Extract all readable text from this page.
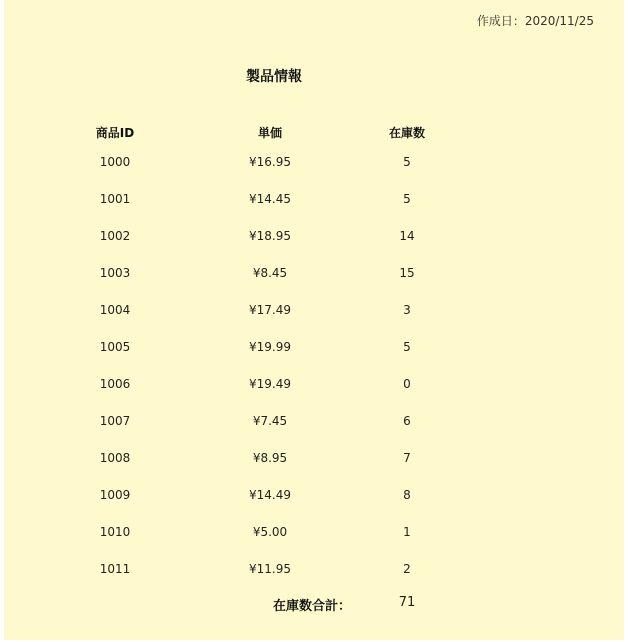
作成日：2020/11/25
製品情報
商品ID	単価	在庫数
1000	¥16.95	5
1001	¥14.45	5
1002	¥18.95	14
1003	¥8.45	15
1004	¥17.49	3
1005	¥19.99	5
1006	¥19.49	0
1007	¥7.45	6
1008	¥8.95	7
1009	¥14.49	8
1010	¥5.00	1
1011	¥11.95	2
在庫数合計：	71
